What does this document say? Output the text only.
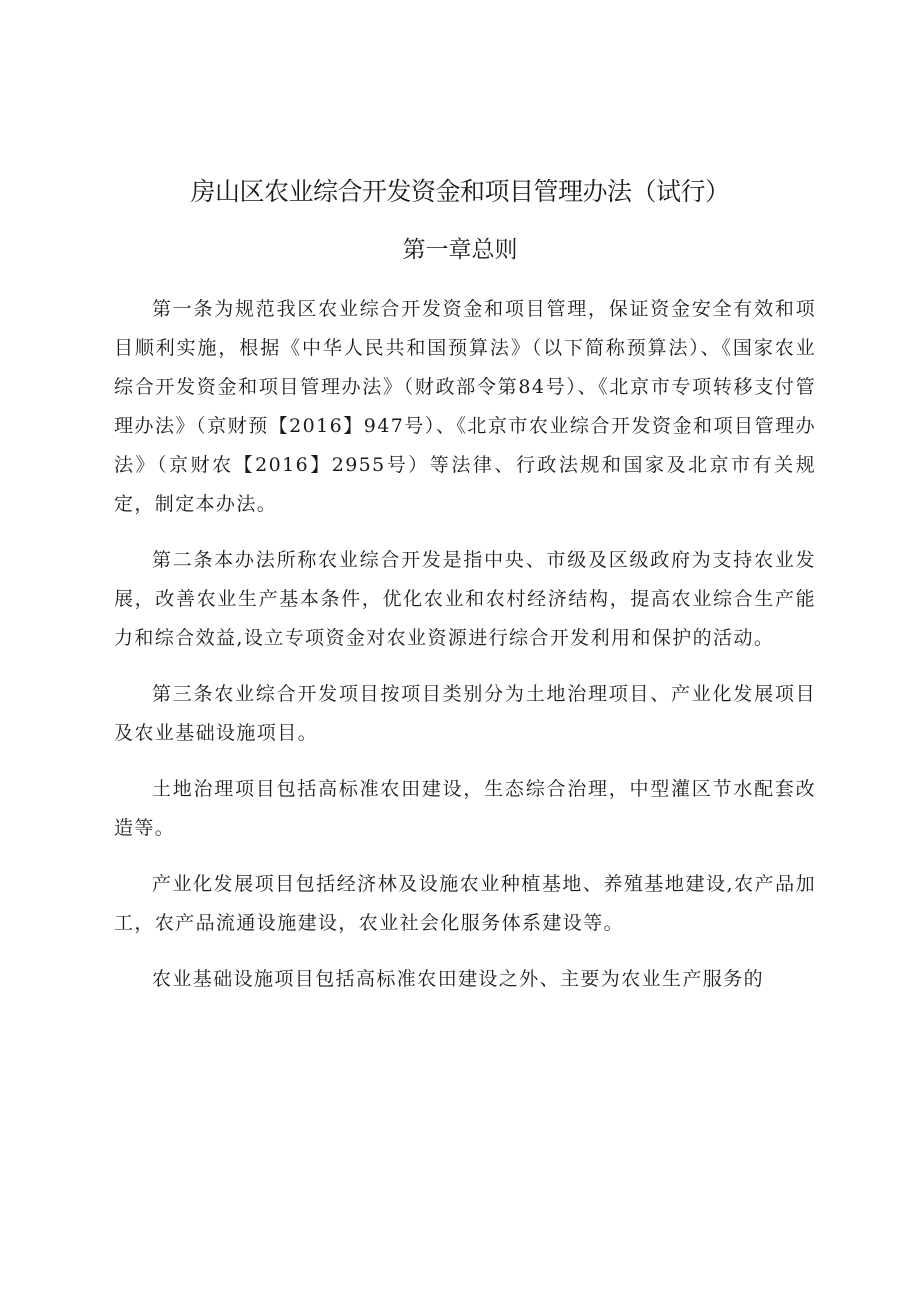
房山区农业综合开发资金和项目管理办法（试行）
第一章总则

第一条为规范我区农业综合开发资金和项目管理，保证资金安全有效和项目顺利实施，根据《中华人民共和国预算法》（以下简称预算法）、《国家农业综合开发资金和项目管理办法》（财政部令第84号）、《北京市专项转移支付管理办法》（京财预【2016】947号）、《北京市农业综合开发资金和项目管理办法》（京财农【2016】2955号）等法律、行政法规和国家及北京市有关规定，制定本办法。

第二条本办法所称农业综合开发是指中央、市级及区级政府为支持农业发展，改善农业生产基本条件，优化农业和农村经济结构，提高农业综合生产能力和综合效益,设立专项资金对农业资源进行综合开发利用和保护的活动。

第三条农业综合开发项目按项目类别分为土地治理项目、产业化发展项目及农业基础设施项目。

土地治理项目包括高标准农田建设，生态综合治理，中型灌区节水配套改造等。

产业化发展项目包括经济林及设施农业种植基地、养殖基地建设,农产品加工，农产品流通设施建设，农业社会化服务体系建设等。

农业基础设施项目包括高标准农田建设之外、主要为农业生产服务的
